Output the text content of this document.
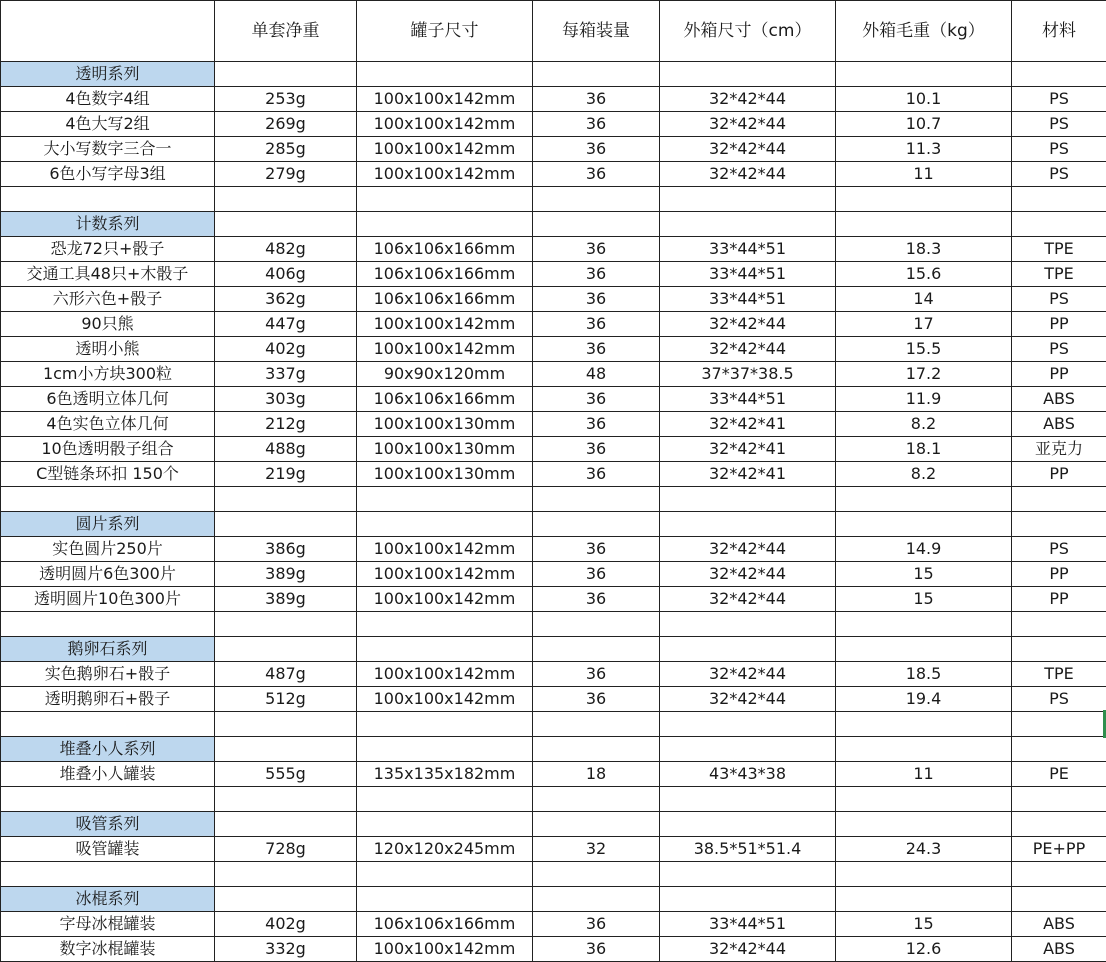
	单套净重	罐子尺寸	每箱装量	外箱尺寸（cm）	外箱毛重（kg）	材料
透明系列						
4色数字4组	253g	100x100x142mm	36	32*42*44	10.1	PS
4色大写2组	269g	100x100x142mm	36	32*42*44	10.7	PS
大小写数字三合一	285g	100x100x142mm	36	32*42*44	11.3	PS
6色小写字母3组	279g	100x100x142mm	36	32*42*44	11	PS

计数系列						
恐龙72只+骰子	482g	106x106x166mm	36	33*44*51	18.3	TPE
交通工具48只+木骰子	406g	106x106x166mm	36	33*44*51	15.6	TPE
六形六色+骰子	362g	106x106x166mm	36	33*44*51	14	PS
90只熊	447g	100x100x142mm	36	32*42*44	17	PP
透明小熊	402g	100x100x142mm	36	32*42*44	15.5	PS
1cm小方块300粒	337g	90x90x120mm	48	37*37*38.5	17.2	PP
6色透明立体几何	303g	106x106x166mm	36	33*44*51	11.9	ABS
4色实色立体几何	212g	100x100x130mm	36	32*42*41	8.2	ABS
10色透明骰子组合	488g	100x100x130mm	36	32*42*41	18.1	亚克力
C型链条环扣 150个	219g	100x100x130mm	36	32*42*41	8.2	PP

圆片系列						
实色圆片250片	386g	100x100x142mm	36	32*42*44	14.9	PS
透明圆片6色300片	389g	100x100x142mm	36	32*42*44	15	PP
透明圆片10色300片	389g	100x100x142mm	36	32*42*44	15	PP

鹅卵石系列						
实色鹅卵石+骰子	487g	100x100x142mm	36	32*42*44	18.5	TPE
透明鹅卵石+骰子	512g	100x100x142mm	36	32*42*44	19.4	PS

堆叠小人系列						
堆叠小人罐装	555g	135x135x182mm	18	43*43*38	11	PE

吸管系列						
吸管罐装	728g	120x120x245mm	32	38.5*51*51.4	24.3	PE+PP

冰棍系列						
字母冰棍罐装	402g	106x106x166mm	36	33*44*51	15	ABS
数字冰棍罐装	332g	100x100x142mm	36	32*42*44	12.6	ABS
